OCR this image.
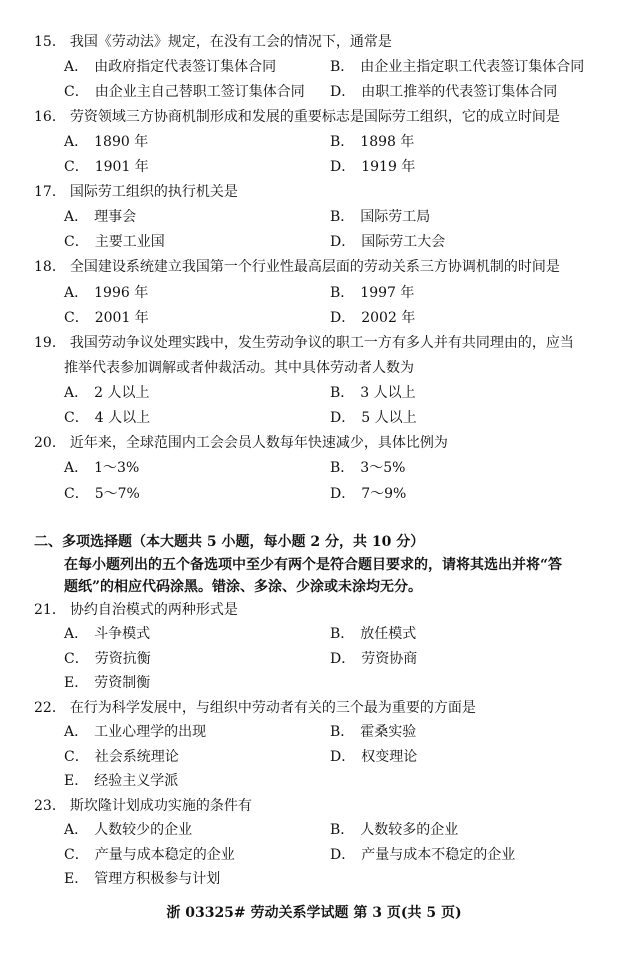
15． 我国《劳动法》规定，在没有工会的情况下，通常是
A． 由政府指定代表签订集体合同	B． 由企业主指定职工代表签订集体合同
C． 由企业主自己替职工签订集体合同 D． 由职工推举的代表签订集体合同
16． 劳资领域三方协商机制形成和发展的重要标志是国际劳工组织，它的成立时间是
A． 1890 年	B． 1898 年
C． 1901 年	D． 1919 年
17． 国际劳工组织的执行机关是
A． 理事会	B． 国际劳工局
C． 主要工业国	D． 国际劳工大会
18． 全国建设系统建立我国第一个行业性最高层面的劳动关系三方协调机制的时间是
A． 1996 年	B． 1997 年
C． 2001 年	D． 2002 年
19． 我国劳动争议处理实践中，发生劳动争议的职工一方有多人并有共同理由的，应当
推举代表参加调解或者仲裁活动。其中具体劳动者人数为
A． 2 人以上	B． 3 人以上
C． 4 人以上	D． 5 人以上
20． 近年来，全球范围内工会会员人数每年快速减少，具体比例为
A． 1～3%	B． 3～5%
C． 5～7%	D． 7～9%
二、多项选择题（本大题共 5 小题，每小题 2 分，共 10 分）
在每小题列出的五个备选项中至少有两个是符合题目要求的，请将其选出并将“答
题纸”的相应代码涂黑。错涂、多涂、少涂或未涂均无分。
21． 协约自治模式的两种形式是
A． 斗争模式	B． 放任模式
C． 劳资抗衡	D． 劳资协商
E． 劳资制衡
22． 在行为科学发展中，与组织中劳动者有关的三个最为重要的方面是
A． 工业心理学的出现	B． 霍桑实验
C． 社会系统理论	D． 权变理论
E． 经验主义学派
23． 斯坎隆计划成功实施的条件有
A． 人数较少的企业	B． 人数较多的企业
C． 产量与成本稳定的企业	D． 产量与成本不稳定的企业
E． 管理方积极参与计划
浙 03325# 劳动关系学试题 第 3 页(共 5 页)
